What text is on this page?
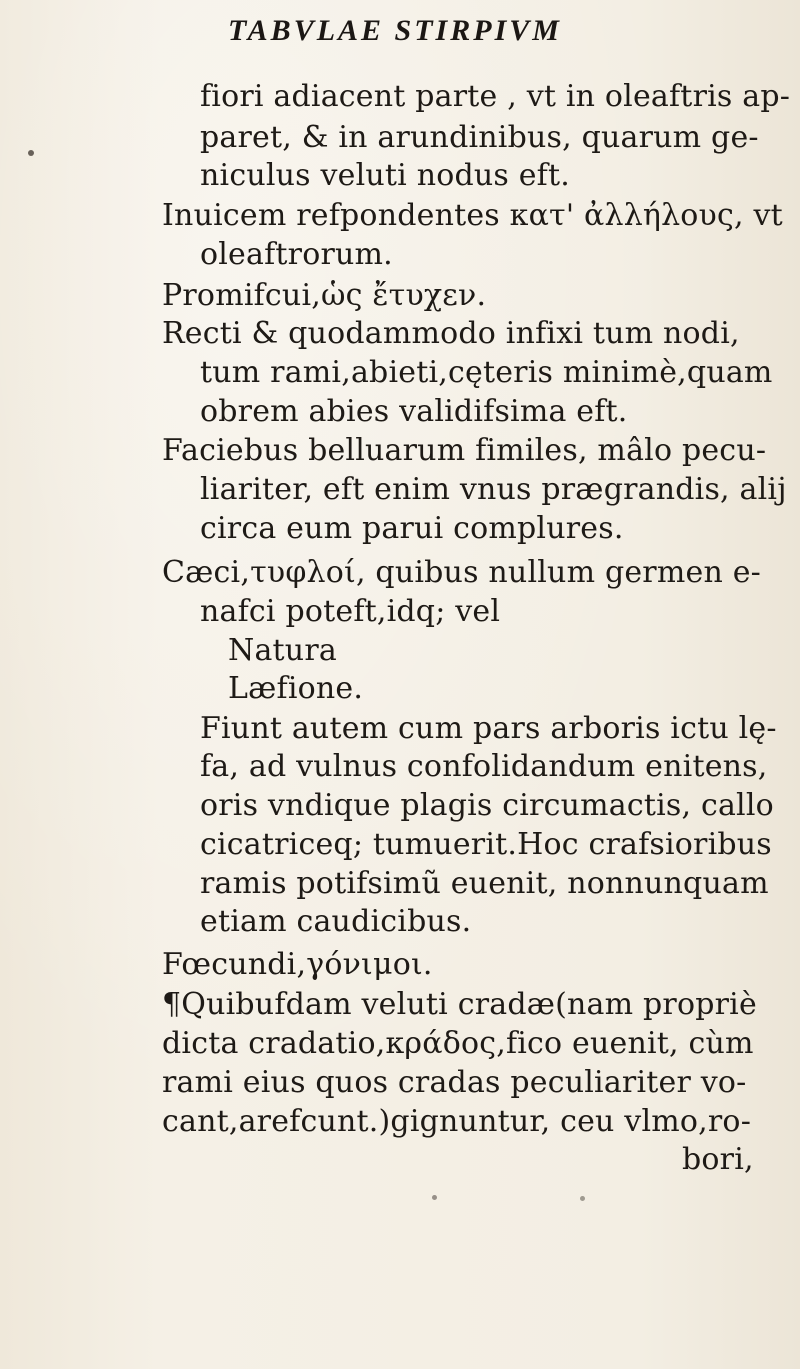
TABVLAE STIRPIVM
fiori adiacent parte , vt in oleaftris ap-
paret, & in arundinibus, quarum ge-
niculus veluti nodus eft.
Inuicem refpondentes κατ' ἀλλήλους, vt
oleaftrorum.
Promifcui,ὡς ἔτυχεν.
Recti & quodammodo infixi tum nodi,
tum rami,abieti,cęteris minimè,quam
obrem abies validifsima eft.
Faciebus belluarum fimiles, mâlo pecu-
liariter, eft enim vnus prægrandis, alij
circa eum parui complures.
Cæci,τυφλοί, quibus nullum germen e-
nafci poteft,idq; vel
Natura
Læfione.
Fiunt autem cum pars arboris ictu lę-
fa, ad vulnus confolidandum enitens,
oris vndique plagis circumactis, callo
cicatriceq; tumuerit.Hoc crafsioribus
ramis potifsimũ euenit, nonnunquam
etiam caudicibus.
Fœcundi,γόνιμοι.
¶Quibufdam veluti cradæ(nam propriè
dicta cradatio,κράδος,fico euenit, cùm
rami eius quos cradas peculiariter vo-
cant,arefcunt.)gignuntur, ceu vlmo,ro-
bori,
